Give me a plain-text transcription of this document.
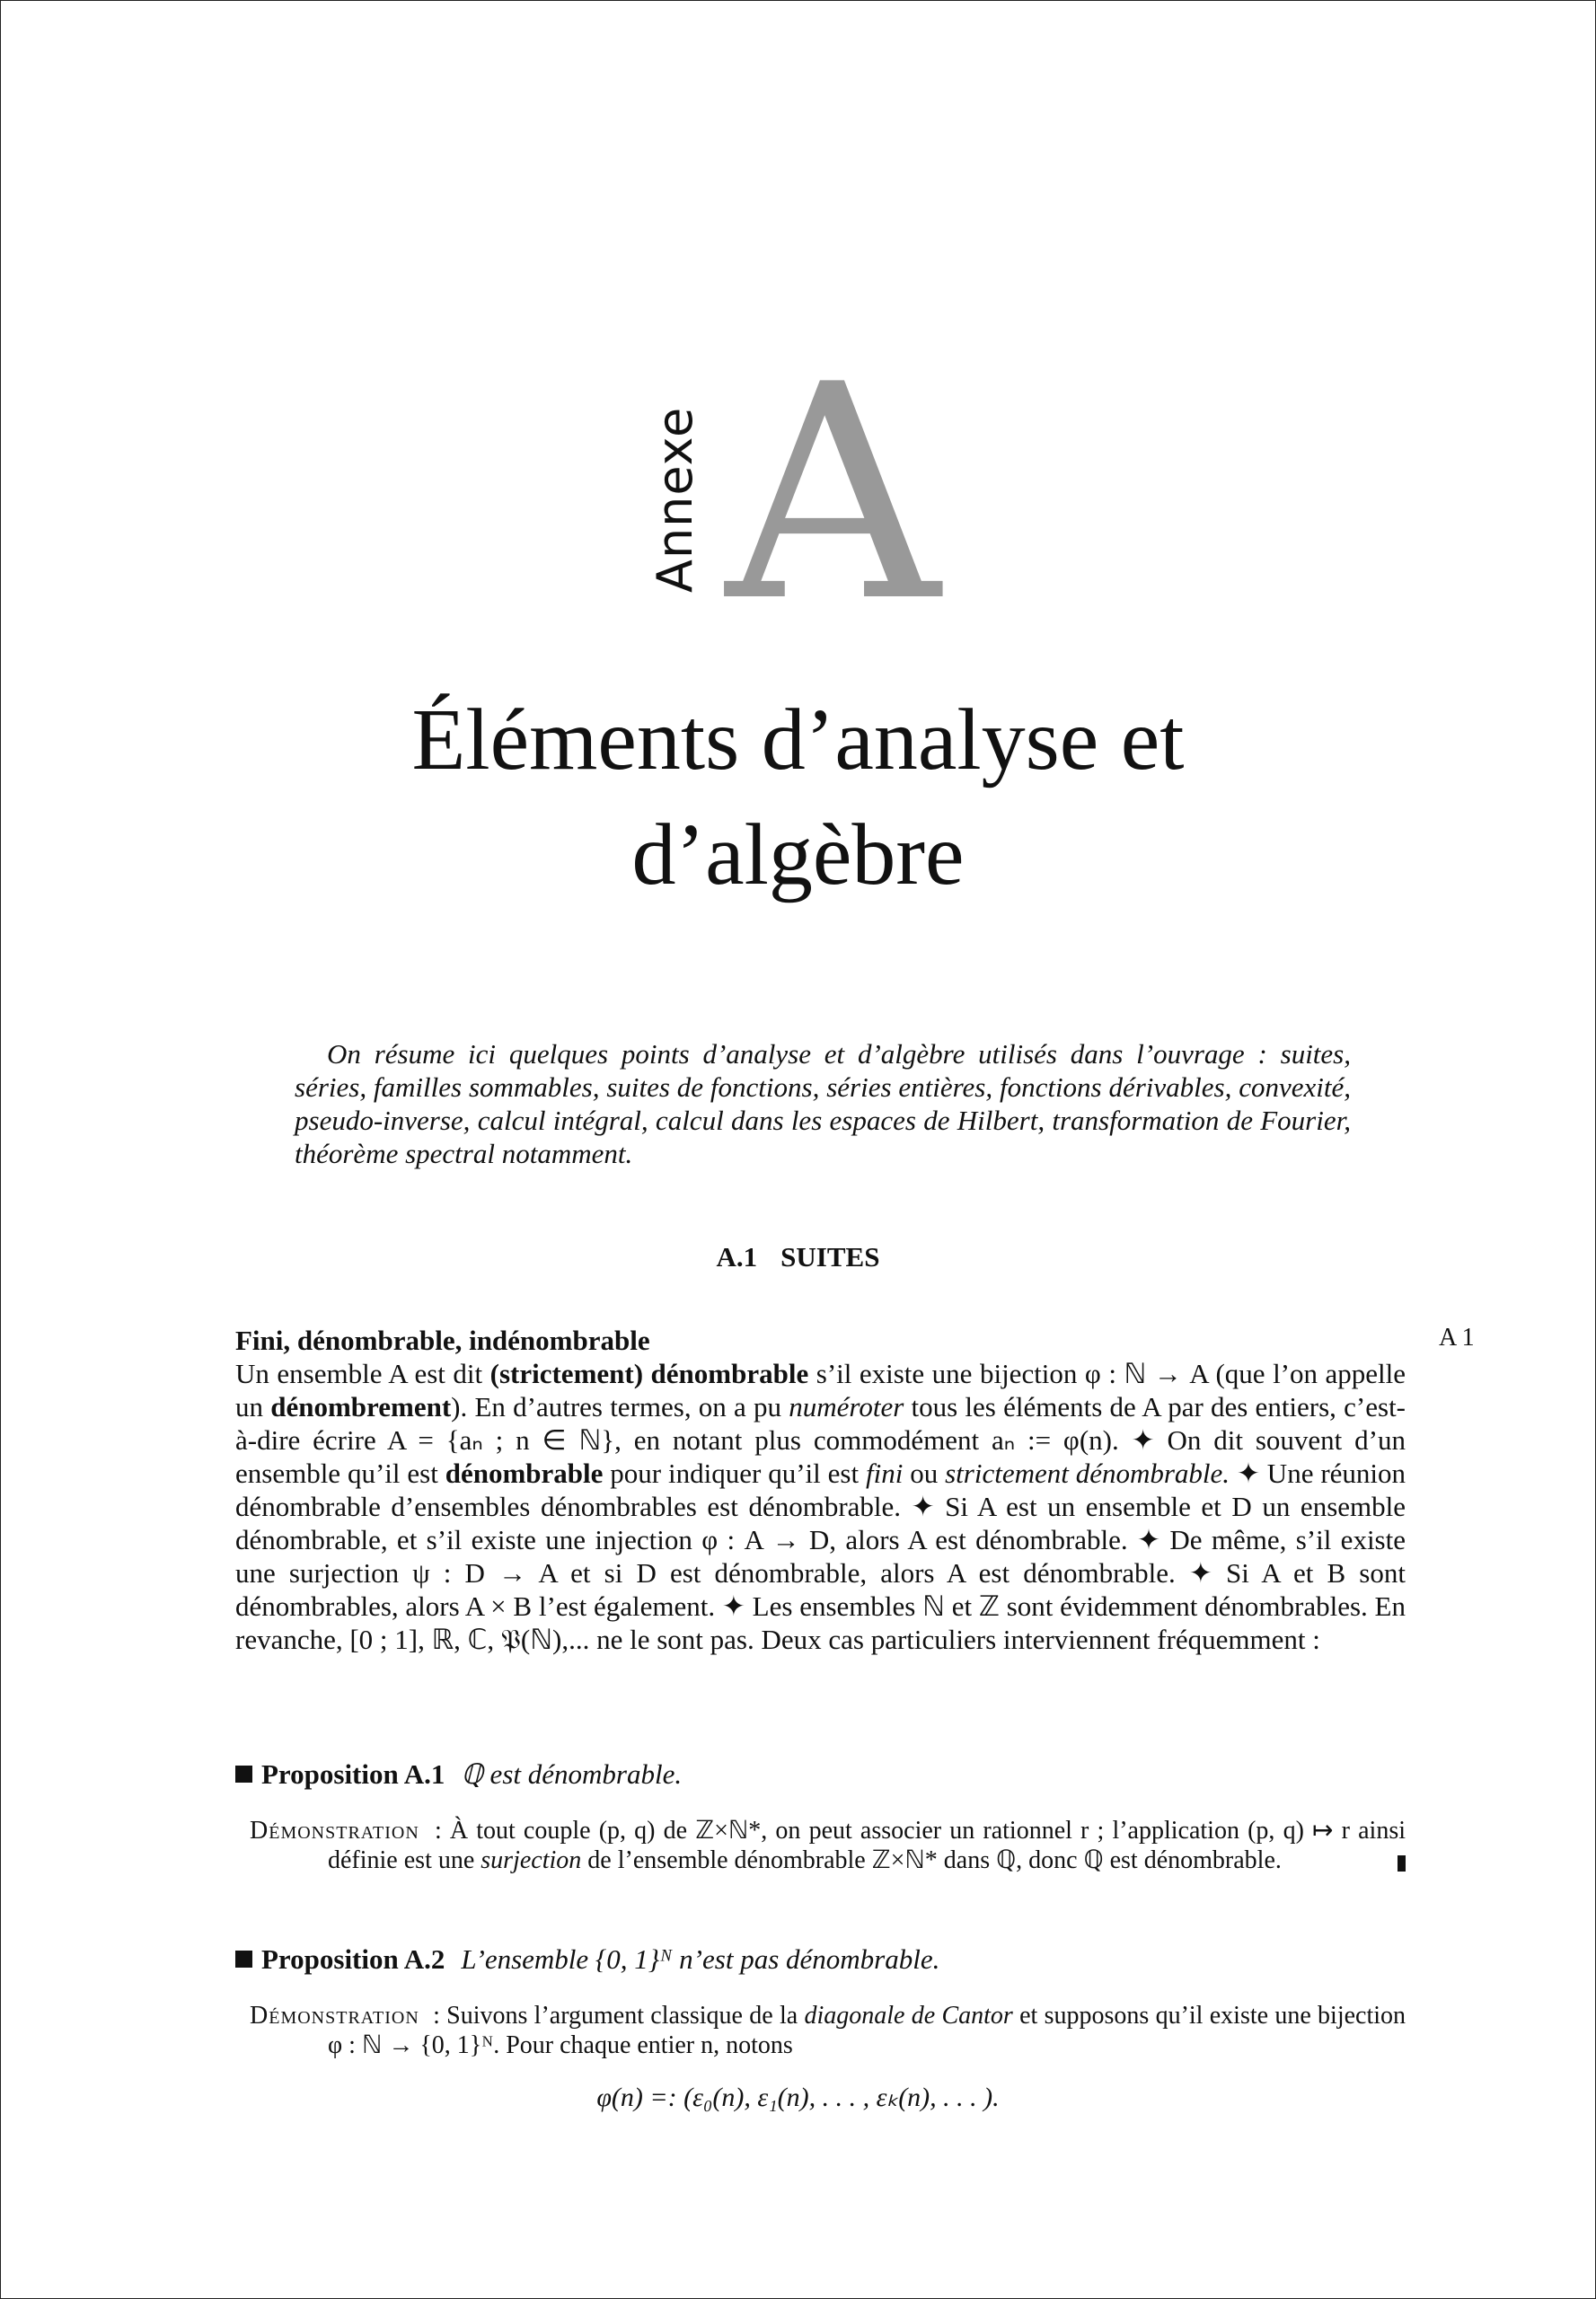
Annexe A
Éléments d’analyse et
d’algèbre

On résume ici quelques points d’analyse et d’algèbre utilisés dans l’ouvrage : suites, séries, familles sommables, suites de fonctions, séries entières, fonctions dérivables, convexité, pseudo-inverse, calcul intégral, calcul dans les espaces de Hilbert, transformation de Fourier, théorème spectral notamment.

A.1 SUITES
A 1
Fini, dénombrable, indénombrable

Un ensemble A est dit (strictement) dénombrable s’il existe une bijection φ : ℕ → A (que l’on appelle un dénombrement). En d’autres termes, on a pu numéroter tous les éléments de A par des entiers, c’est-à-dire écrire A = {aₙ ; n ∈ ℕ}, en notant plus commodément aₙ := φ(n). ✦ On dit souvent d’un ensemble qu’il est dénombrable pour indiquer qu’il est fini ou strictement dénombrable. ✦ Une réunion dénombrable d’ensembles dénombrables est dénombrable. ✦ Si A est un ensemble et D un ensemble dénombrable, et s’il existe une injection φ : A → D, alors A est dénombrable. ✦ De même, s’il existe une surjection ψ : D → A et si D est dénombrable, alors A est dénombrable. ✦ Si A et B sont dénombrables, alors A × B l’est également. ✦ Les ensembles ℕ et ℤ sont évidemment dénombrables. En revanche, [0 ; 1], ℝ, ℂ, 𝔓(ℕ),... ne le sont pas. Deux cas particuliers interviennent fréquemment :

Proposition A.1 ℚ est dénombrable.
Démonstration : À tout couple (p, q) de ℤ×ℕ*, on peut associer un rationnel r ; l’application (p, q) ↦ r ainsi définie est une surjection de l’ensemble dénombrable ℤ×ℕ* dans ℚ, donc ℚ est dénombrable.
Proposition A.2 L’ensemble {0, 1}ᴺ n’est pas dénombrable.
Démonstration : Suivons l’argument classique de la diagonale de Cantor et supposons qu’il existe une bijection φ : ℕ → {0, 1}ᴺ. Pour chaque entier n, notons
φ(n) =: (ε₀(n), ε₁(n), . . . , εₖ(n), . . . ).
